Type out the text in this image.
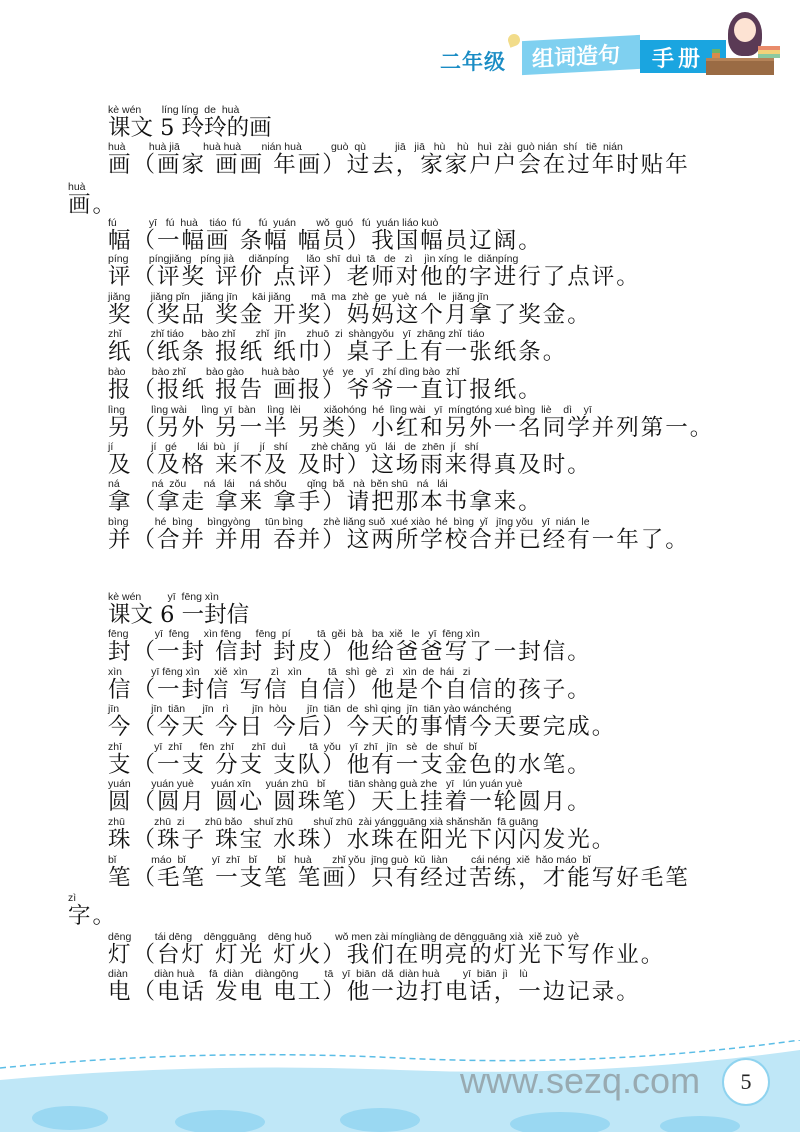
二年级 组词造句 手册
kè wén       líng líng  de  huà
课文 5 玲玲的画
huà        huà jiā        huà huà       nián huà          guò  qù          jiā   jiā   hù    hù   huì  zài  guò nián  shí   tiē  nián
画（画家 画画 年画）过去，家家户户会在过年时贴年
huà
画。
fú           yī   fú  huà    tiáo  fú      fú  yuán       wǒ  guó   fú  yuán liáo kuò
幅（一幅画 条幅 幅员）我国幅员辽阔。
píng       píngjiǎng   píng jià     diǎnpíng      lǎo  shī  duì  tā   de   zì    jìn xíng  le  diǎnpíng
评（评奖 评价 点评）老师对他的字进行了点评。
jiǎng       jiǎng pǐn    jiǎng jīn     kāi jiǎng       mā  ma  zhè  ge  yuè  ná    le  jiǎng jīn
奖（奖品 奖金 开奖）妈妈这个月拿了奖金。
zhǐ          zhǐ tiáo      bào zhǐ       zhǐ  jīn       zhuō  zi  shàngyǒu   yī  zhāng zhǐ  tiáo
纸（纸条 报纸 纸巾）桌子上有一张纸条。
bào         bào zhǐ       bào gào      huà bào        yé   ye    yī   zhí dìng bào  zhǐ
报（报纸 报告 画报）爷爷一直订报纸。
lìng         lìng wài     lìng  yī  bàn    lìng  lèi        xiǎohóng  hé  lìng wài   yī  míngtóng xué bìng  liè    dì    yī
另（另外 另一半 另类）小红和另外一名同学并列第一。
jí             jí   gé       lái  bù   jí       jí   shí        zhè chǎng  yǔ   lái   de  zhēn  jí   shí
及（及格 来不及 及时）这场雨来得真及时。
ná           ná  zǒu      ná   lái     ná shǒu       qǐng  bǎ   nà  běn shū   ná   lái
拿（拿走 拿来 拿手）请把那本书拿来。
bìng         hé  bìng     bìngyòng     tūn bìng       zhè liǎng suǒ  xué xiào  hé  bìng  yǐ   jīng yǒu   yī  nián  le
并（合并 并用 吞并）这两所学校合并已经有一年了。
kè wén         yī  fēng xìn
课文 6 一封信
fēng         yī  fēng     xìn fēng     fēng  pí         tā  gěi  bà   ba  xiě   le   yī  fēng xìn
封（一封 信封 封皮）他给爸爸写了一封信。
xìn          yī fēng xìn     xiě  xìn        zì   xìn         tā   shì  gè   zì   xìn  de  hái   zi
信（一封信 写信 自信）他是个自信的孩子。
jīn           jīn  tiān      jīn   rì        jīn  hòu       jīn  tiān  de  shì qing  jīn  tiān yào wánchéng
今（今天 今日 今后）今天的事情今天要完成。
zhī           yī  zhī      fēn  zhī      zhī  duì        tā  yǒu   yī  zhī   jīn   sè   de  shuǐ  bǐ
支（一支 分支 支队）他有一支金色的水笔。
yuán       yuán yuè      yuán xīn     yuán zhū   bǐ        tiān shàng guà zhe   yī   lún yuán yuè
圆（圆月 圆心 圆珠笔）天上挂着一轮圆月。
zhū          zhū  zi       zhū bǎo    shuǐ zhū       shuǐ zhū  zài yángguāng xià shǎnshǎn  fā guāng
珠（珠子 珠宝 水珠）水珠在阳光下闪闪发光。
bǐ            máo  bǐ         yī  zhī   bǐ       bǐ   huà       zhǐ yǒu  jīng guò  kǔ  liàn        cái néng  xiě  hǎo máo  bǐ
笔（毛笔 一支笔 笔画）只有经过苦练，才能写好毛笔
zì
字。
dēng        tái dēng    dēngguāng    dēng huǒ        wǒ men zài míngliàng de dēngguāng xià  xiě zuò  yè
灯（台灯 灯光 灯火）我们在明亮的灯光下写作业。
diàn         diàn huà     fā  diàn    diàngōng         tā   yī  biān  dǎ  diàn huà        yī  biān  jì    lù
电（电话 发电 电工）他一边打电话，一边记录。
www.sezq.com	5
